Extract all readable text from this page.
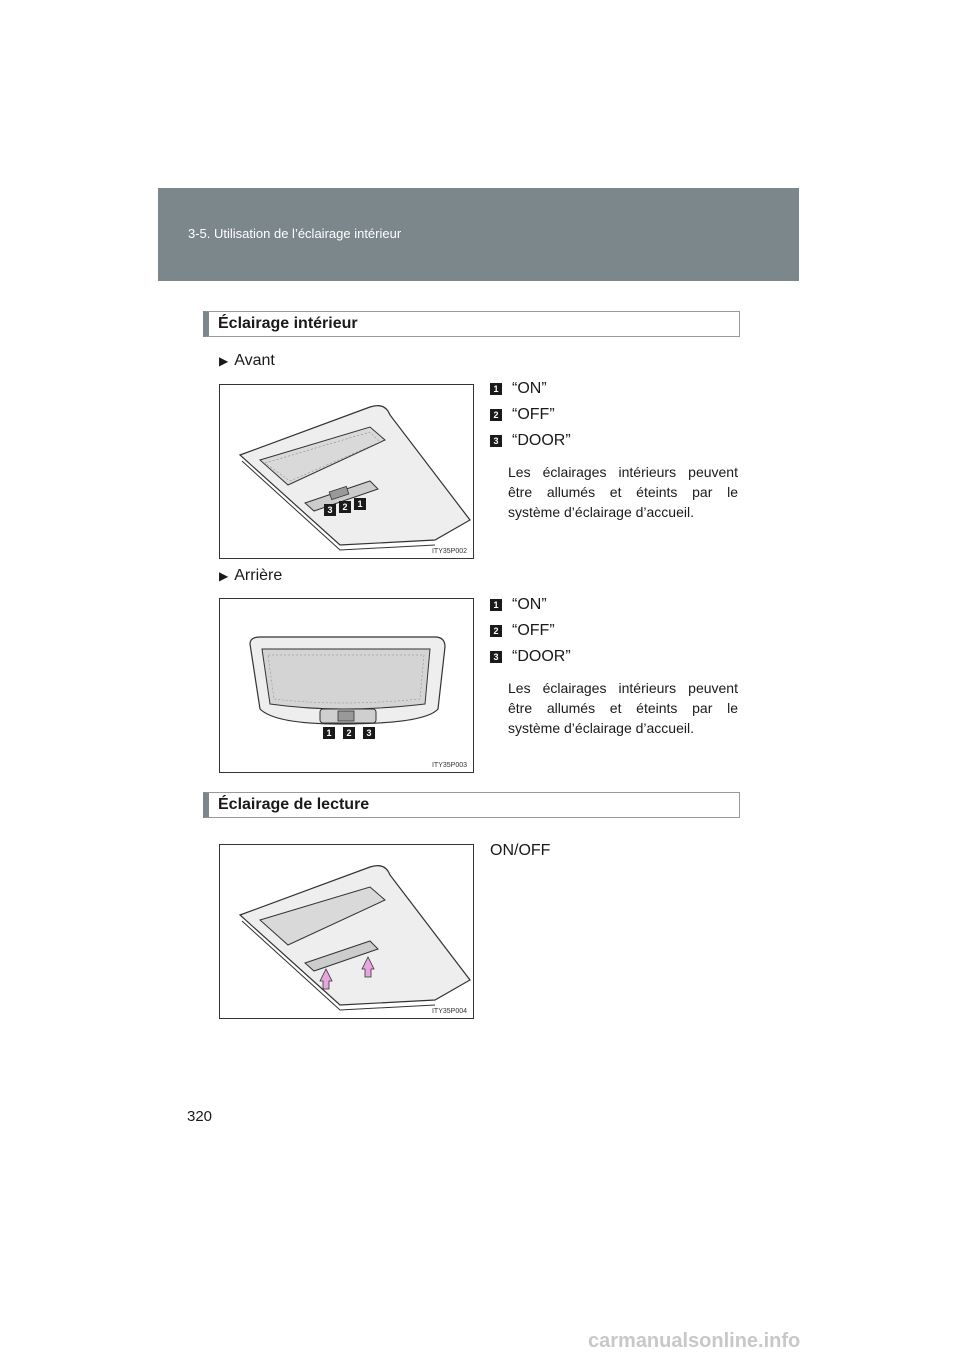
3-5. Utilisation de l’éclairage intérieur
Éclairage intérieur
▶ Avant
3	2	1
ITY35P002
1 “ON”
2 “OFF”
3 “DOOR”
Les éclairages intérieurs peuvent être allumés et éteints par le système d’éclairage d’accueil.
▶ Arrière
1	2	3
ITY35P003
1 “ON”
2 “OFF”
3 “DOOR”
Les éclairages intérieurs peuvent être allumés et éteints par le système d’éclairage d’accueil.
Éclairage de lecture
ITY35P004
ON/OFF
320
carmanualsonline.info
